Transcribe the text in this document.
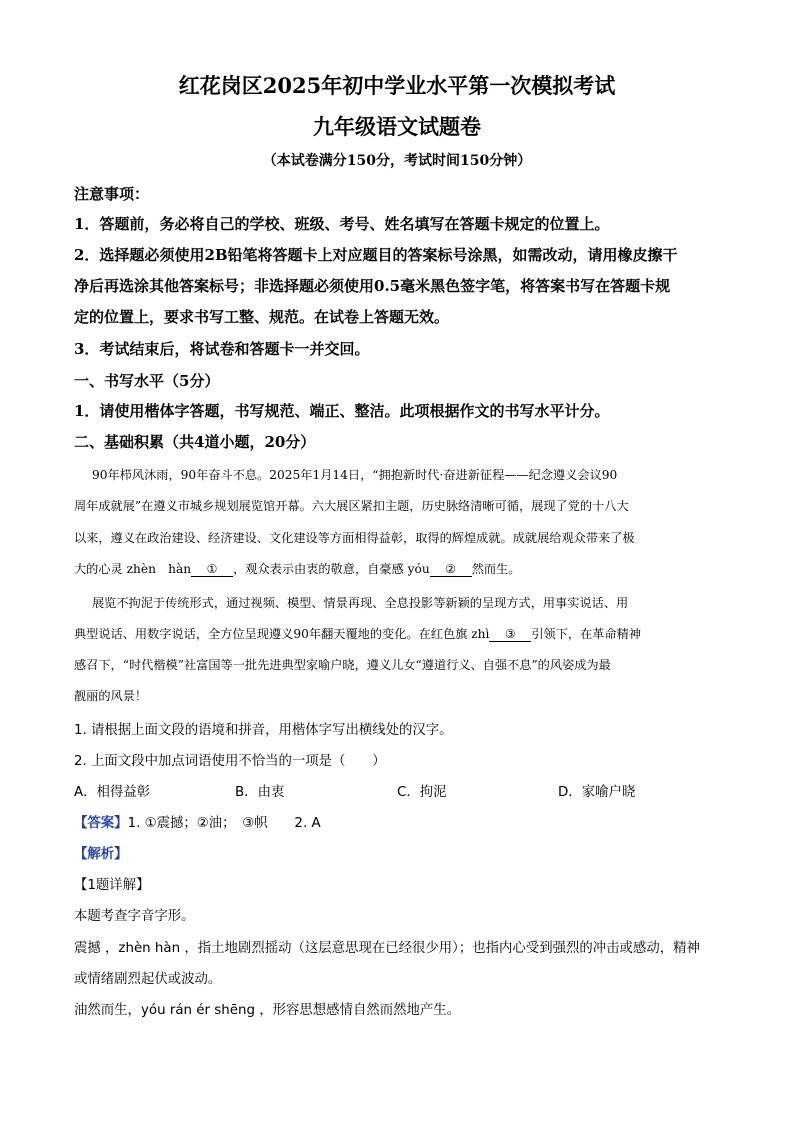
红花岗区2025年初中学业水平第一次模拟考试
九年级语文试题卷
（本试卷满分150分，考试时间150分钟）
注意事项：
1．答题前，务必将自己的学校、班级、考号、姓名填写在答题卡规定的位置上。
2．选择题必须使用2B铅笔将答题卡上对应题目的答案标号涂黑，如需改动，请用橡皮擦干
净后再选涂其他答案标号；非选择题必须使用0.5毫米黑色签字笔，将答案书写在答题卡规
定的位置上，要求书写工整、规范。在试卷上答题无效。
3．考试结束后，将试卷和答题卡一并交回。
一、书写水平（5分）
1．请使用楷体字答题，书写规范、端正、整洁。此项根据作文的书写水平计分。
二、基础积累（共4道小题，20分）
90年栉风沐雨，90年奋斗不息。2025年1月14日，“拥抱新时代·奋进新征程——纪念遵义会议90
周年成就展”在遵义市城乡规划展览馆开幕。六大展区紧扣主题，历史脉络清晰可循，展现了党的十八大
以来，遵义在政治建设、经济建设、文化建设等方面相得益彰，取得的辉煌成就。成就展给观众带来了极
大的心灵 zhèn　hàn ① ，观众表示由衷的敬意，自豪感 yóu ② 然而生。
展览不拘泥于传统形式，通过视频、模型、情景再现、全息投影等新颖的呈现方式，用事实说话、用
典型说话、用数字说话，全方位呈现遵义90年翻天覆地的变化。在红色旗 zhì ③ 引领下，在革命精神
感召下，“时代楷模”社富国等一批先进典型家喻户晓，遵义儿女“遵道行义、自强不息”的风姿成为最
靓丽的风景！
1. 请根据上面文段的语境和拼音，用楷体字写出横线处的汉字。
2. 上面文段中加点词语使用不恰当的一项是（　　）
A．相得益彰	B．由衷	C．拘泥	D．家喻户晓
【答案】1. ①震撼；②油；　③帜　　2. A
【解析】
【1题详解】
本题考查字音字形。
震撼 ，zhèn hàn ，指土地剧烈摇动（这层意思现在已经很少用）；也指内心受到强烈的冲击或感动，精神
或情绪剧烈起伏或波动。
油然而生，yóu rán ér shēng ，形容思想感情自然而然地产生。
